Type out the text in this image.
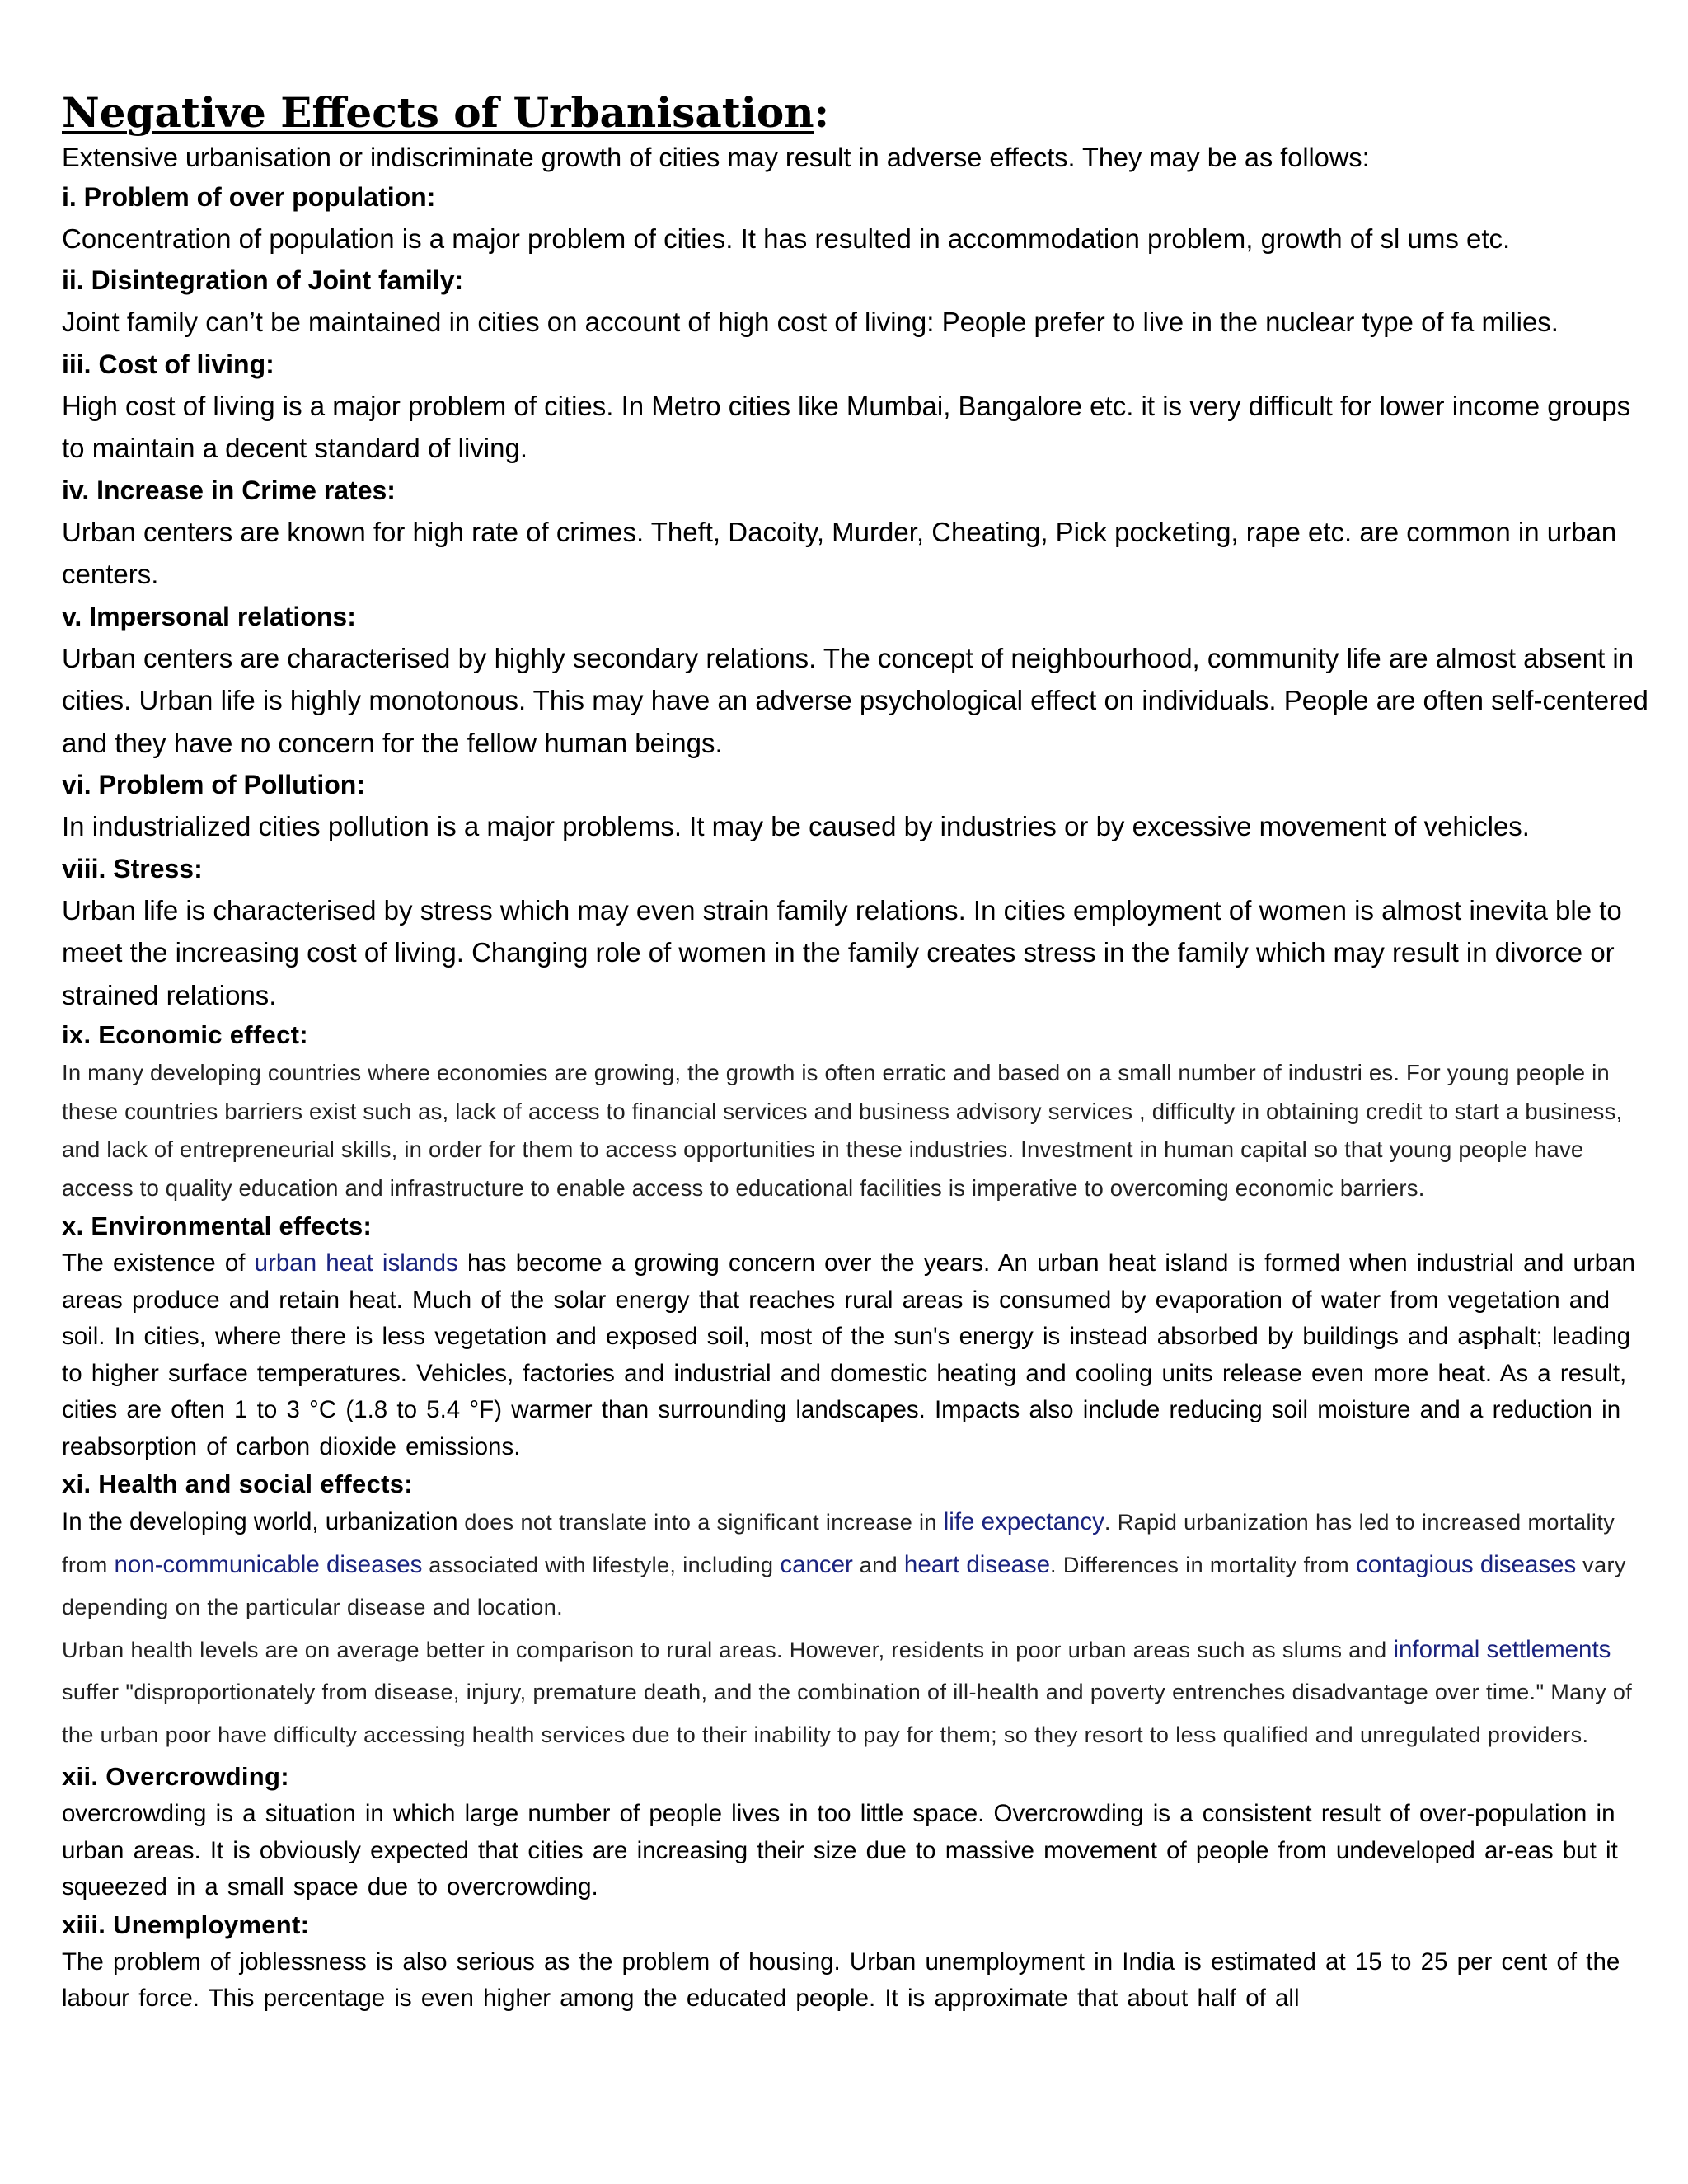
Negative Effects of Urbanisation:

Extensive urbanisation or indiscriminate growth of cities may result in adverse effects. They may be as follows:

i. Problem of over population:

Concentration of population is a major problem of cities. It has resulted in accommodation problem, growth of sl ums etc.

ii. Disintegration of Joint family:

Joint family can’t be maintained in cities on account of high cost of living: People prefer to live in the nuclear type of fa milies.

iii. Cost of living:

High cost of living is a major problem of cities. In Metro cities like Mumbai, Bangalore etc. it is very difficult for lower income groups to maintain a decent standard of living.

iv. Increase in Crime rates:

Urban centers are known for high rate of crimes. Theft, Dacoity, Murder, Cheating, Pick pocketing, rape etc. are common in urban centers.

v. Impersonal relations:

Urban centers are characterised by highly secondary relations. The concept of neighbourhood, community life are almost absent in cities. Urban life is highly monotonous. This may have an adverse psychological effect on individuals. People are often self-centered and they have no concern for the fellow human beings.

vi. Problem of Pollution:

In industrialized cities pollution is a major problems. It may be caused by industries or by excessive movement of vehicles.

viii. Stress:

Urban life is characterised by stress which may even strain family relations. In cities employment of women is almost inevita ble to meet the increasing cost of living. Changing role of women in the family creates stress in the family which may result in divorce or strained relations.

ix. Economic effect:

In many developing countries where economies are growing, the growth is often erratic and based on a small number of industri es. For young people in these countries barriers exist such as, lack of access to financial services and business advisory services , difficulty in obtaining credit to start a business, and lack of entrepreneurial skills, in order for them to access opportunities in these industries. Investment in human capital so that young people have access to quality education and infrastructure to enable access to educational facilities is imperative to overcoming economic barriers.

x. Environmental effects:

The existence of urban heat islands has become a growing concern over the years. An urban heat island is formed when industrial and urban areas produce and retain heat. Much of the solar energy that reaches rural areas is consumed by evaporation of water from vegetation and soil. In cities, where there is less vegetation and exposed soil, most of the sun's energy is instead absorbed by buildings and asphalt; leading to higher surface temperatures. Vehicles, factories and industrial and domestic heating and cooling units release even more heat. As a result, cities are often 1 to 3 °C (1.8 to 5.4 °F) warmer than surrounding landscapes. Impacts also include reducing soil moisture and a reduction in reabsorption of carbon dioxide emissions.

xi. Health and social effects:

In the developing world, urbanization does not translate into a significant increase in life expectancy. Rapid urbanization has led to increased mortality from non-communicable diseases associated with lifestyle, including cancer and heart disease. Differences in mortality from contagious diseases vary depending on the particular disease and location.

Urban health levels are on average better in comparison to rural areas. However, residents in poor urban areas such as slums and informal settlements suffer "disproportionately from disease, injury, premature death, and the combination of ill-health and poverty entrenches disadvantage over time." Many of the urban poor have difficulty accessing health services due to their inability to pay for them; so they resort to less qualified and unregulated providers.

xii. Overcrowding:

overcrowding is a situation in which large number of people lives in too little space. Overcrowding is a consistent result of over-population in urban areas. It is obviously expected that cities are increasing their size due to massive movement of people from undeveloped ar-eas but it squeezed in a small space due to overcrowding.

xiii. Unemployment:

The problem of joblessness is also serious as the problem of housing. Urban unemployment in India is estimated at 15 to 25 per cent of the labour force. This percentage is even higher among the educated people. It is approximate that about half of all
